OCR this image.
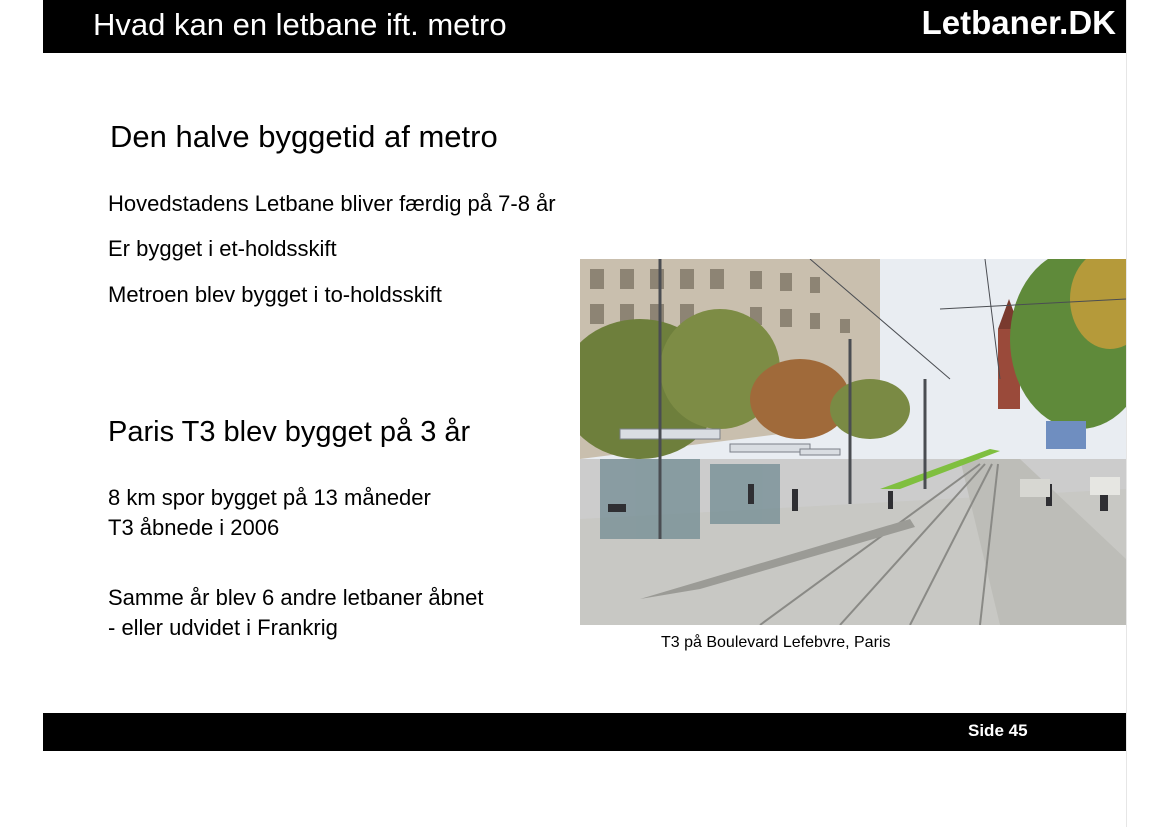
Hvad kan en letbane ift. metro	Letbaner.DK
Den halve byggetid af metro
Hovedstadens Letbane bliver færdig på 7-8 år
Er bygget i et-holdsskift
Metroen blev bygget i to-holdsskift
Paris T3 blev bygget på 3 år
8 km spor bygget på 13 måneder
T3 åbnede i 2006
Samme år blev 6 andre letbaner åbnet
- eller udvidet i Frankrig
T3 på Boulevard Lefebvre, Paris
Side 45
